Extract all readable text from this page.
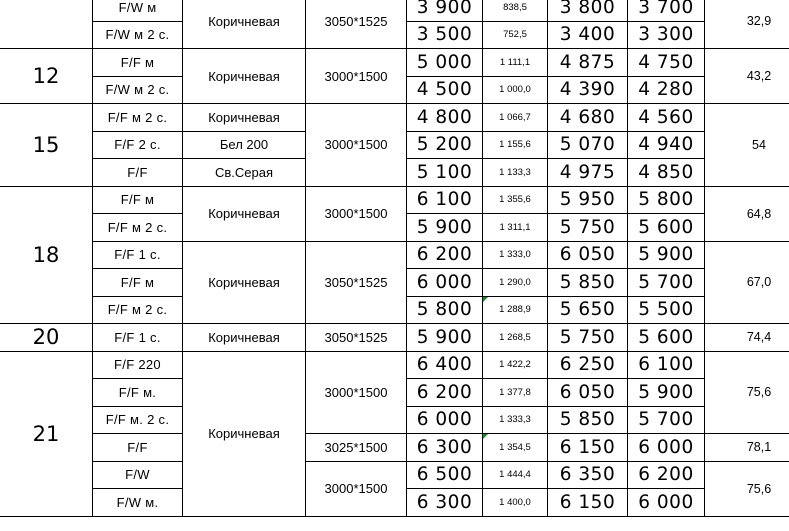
	F/W м	Коричневая	3050*1525	3 900	838,5	3 800	3 700	32,9
	F/W м 2 с.			3 500	752,5	3 400	3 300	
12	F/F м	Коричневая	3000*1500	5 000	1 111,1	4 875	4 750	43,2
	F/W м 2 с.			4 500	1 000,0	4 390	4 280	
15	F/F м 2 с.	Коричневая	3000*1500	4 800	1 066,7	4 680	4 560	54
	F/F 2 с.	Бел 200		5 200	1 155,6	5 070	4 940	
	F/F	Св.Серая		5 100	1 133,3	4 975	4 850	
18	F/F м	Коричневая	3000*1500	6 100	1 355,6	5 950	5 800	64,8
	F/F м 2 с.			5 900	1 311,1	5 750	5 600	
	F/F 1 с.	Коричневая	3050*1525	6 200	1 333,0	6 050	5 900	67,0
	F/F м			6 000	1 290,0	5 850	5 700	
	F/F м 2 с.			5 800	1 288,9	5 650	5 500	
20	F/F 1 с.	Коричневая	3050*1525	5 900	1 268,5	5 750	5 600	74,4
21	F/F 220	Коричневая	3000*1500	6 400	1 422,2	6 250	6 100	75,6
	F/F м.			6 200	1 377,8	6 050	5 900	
	F/F м. 2 с.			6 000	1 333,3	5 850	5 700	
	F/F		3025*1500	6 300	1 354,5	6 150	6 000	78,1
	F/W		3000*1500	6 500	1 444,4	6 350	6 200	75,6
	F/W м.			6 300	1 400,0	6 150	6 000	
